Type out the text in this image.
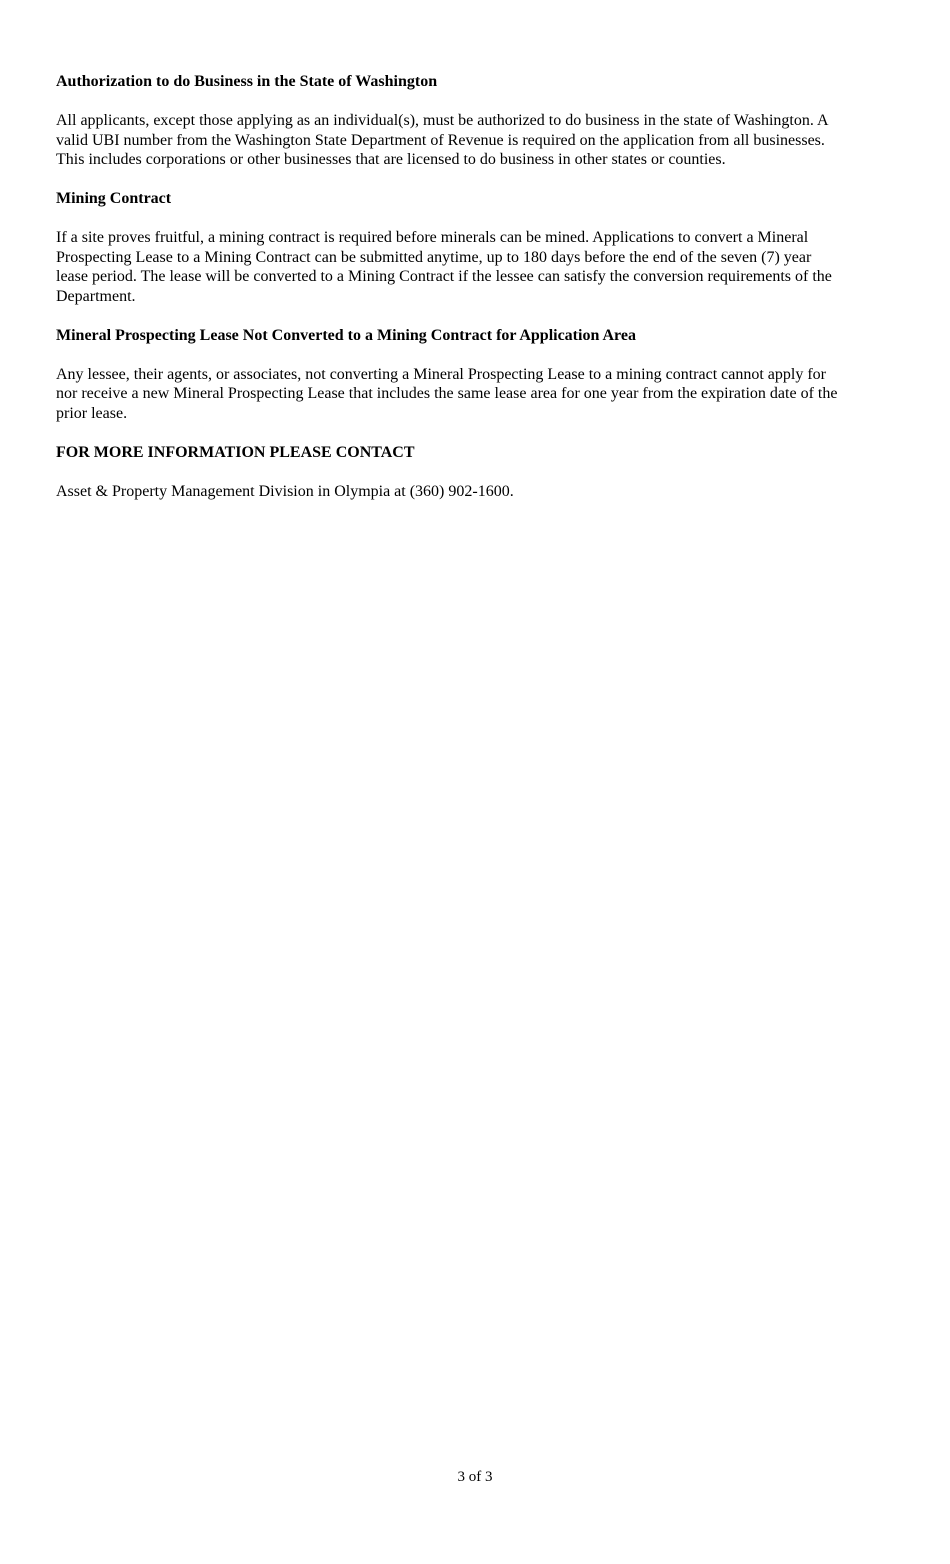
Authorization to do Business in the State of Washington

All applicants, except those applying as an individual(s), must be authorized to do business in the state of Washington. A
valid UBI number from the Washington State Department of Revenue is required on the application from all businesses.
This includes corporations or other businesses that are licensed to do business in other states or counties.

Mining Contract

If a site proves fruitful, a mining contract is required before minerals can be mined. Applications to convert a Mineral
Prospecting Lease to a Mining Contract can be submitted anytime, up to 180 days before the end of the seven (7) year
lease period. The lease will be converted to a Mining Contract if the lessee can satisfy the conversion requirements of the
Department.

Mineral Prospecting Lease Not Converted to a Mining Contract for Application Area

Any lessee, their agents, or associates, not converting a Mineral Prospecting Lease to a mining contract cannot apply for
nor receive a new Mineral Prospecting Lease that includes the same lease area for one year from the expiration date of the
prior lease.

FOR MORE INFORMATION PLEASE CONTACT

Asset & Property Management Division in Olympia at (360) 902-1600.

3 of 3
